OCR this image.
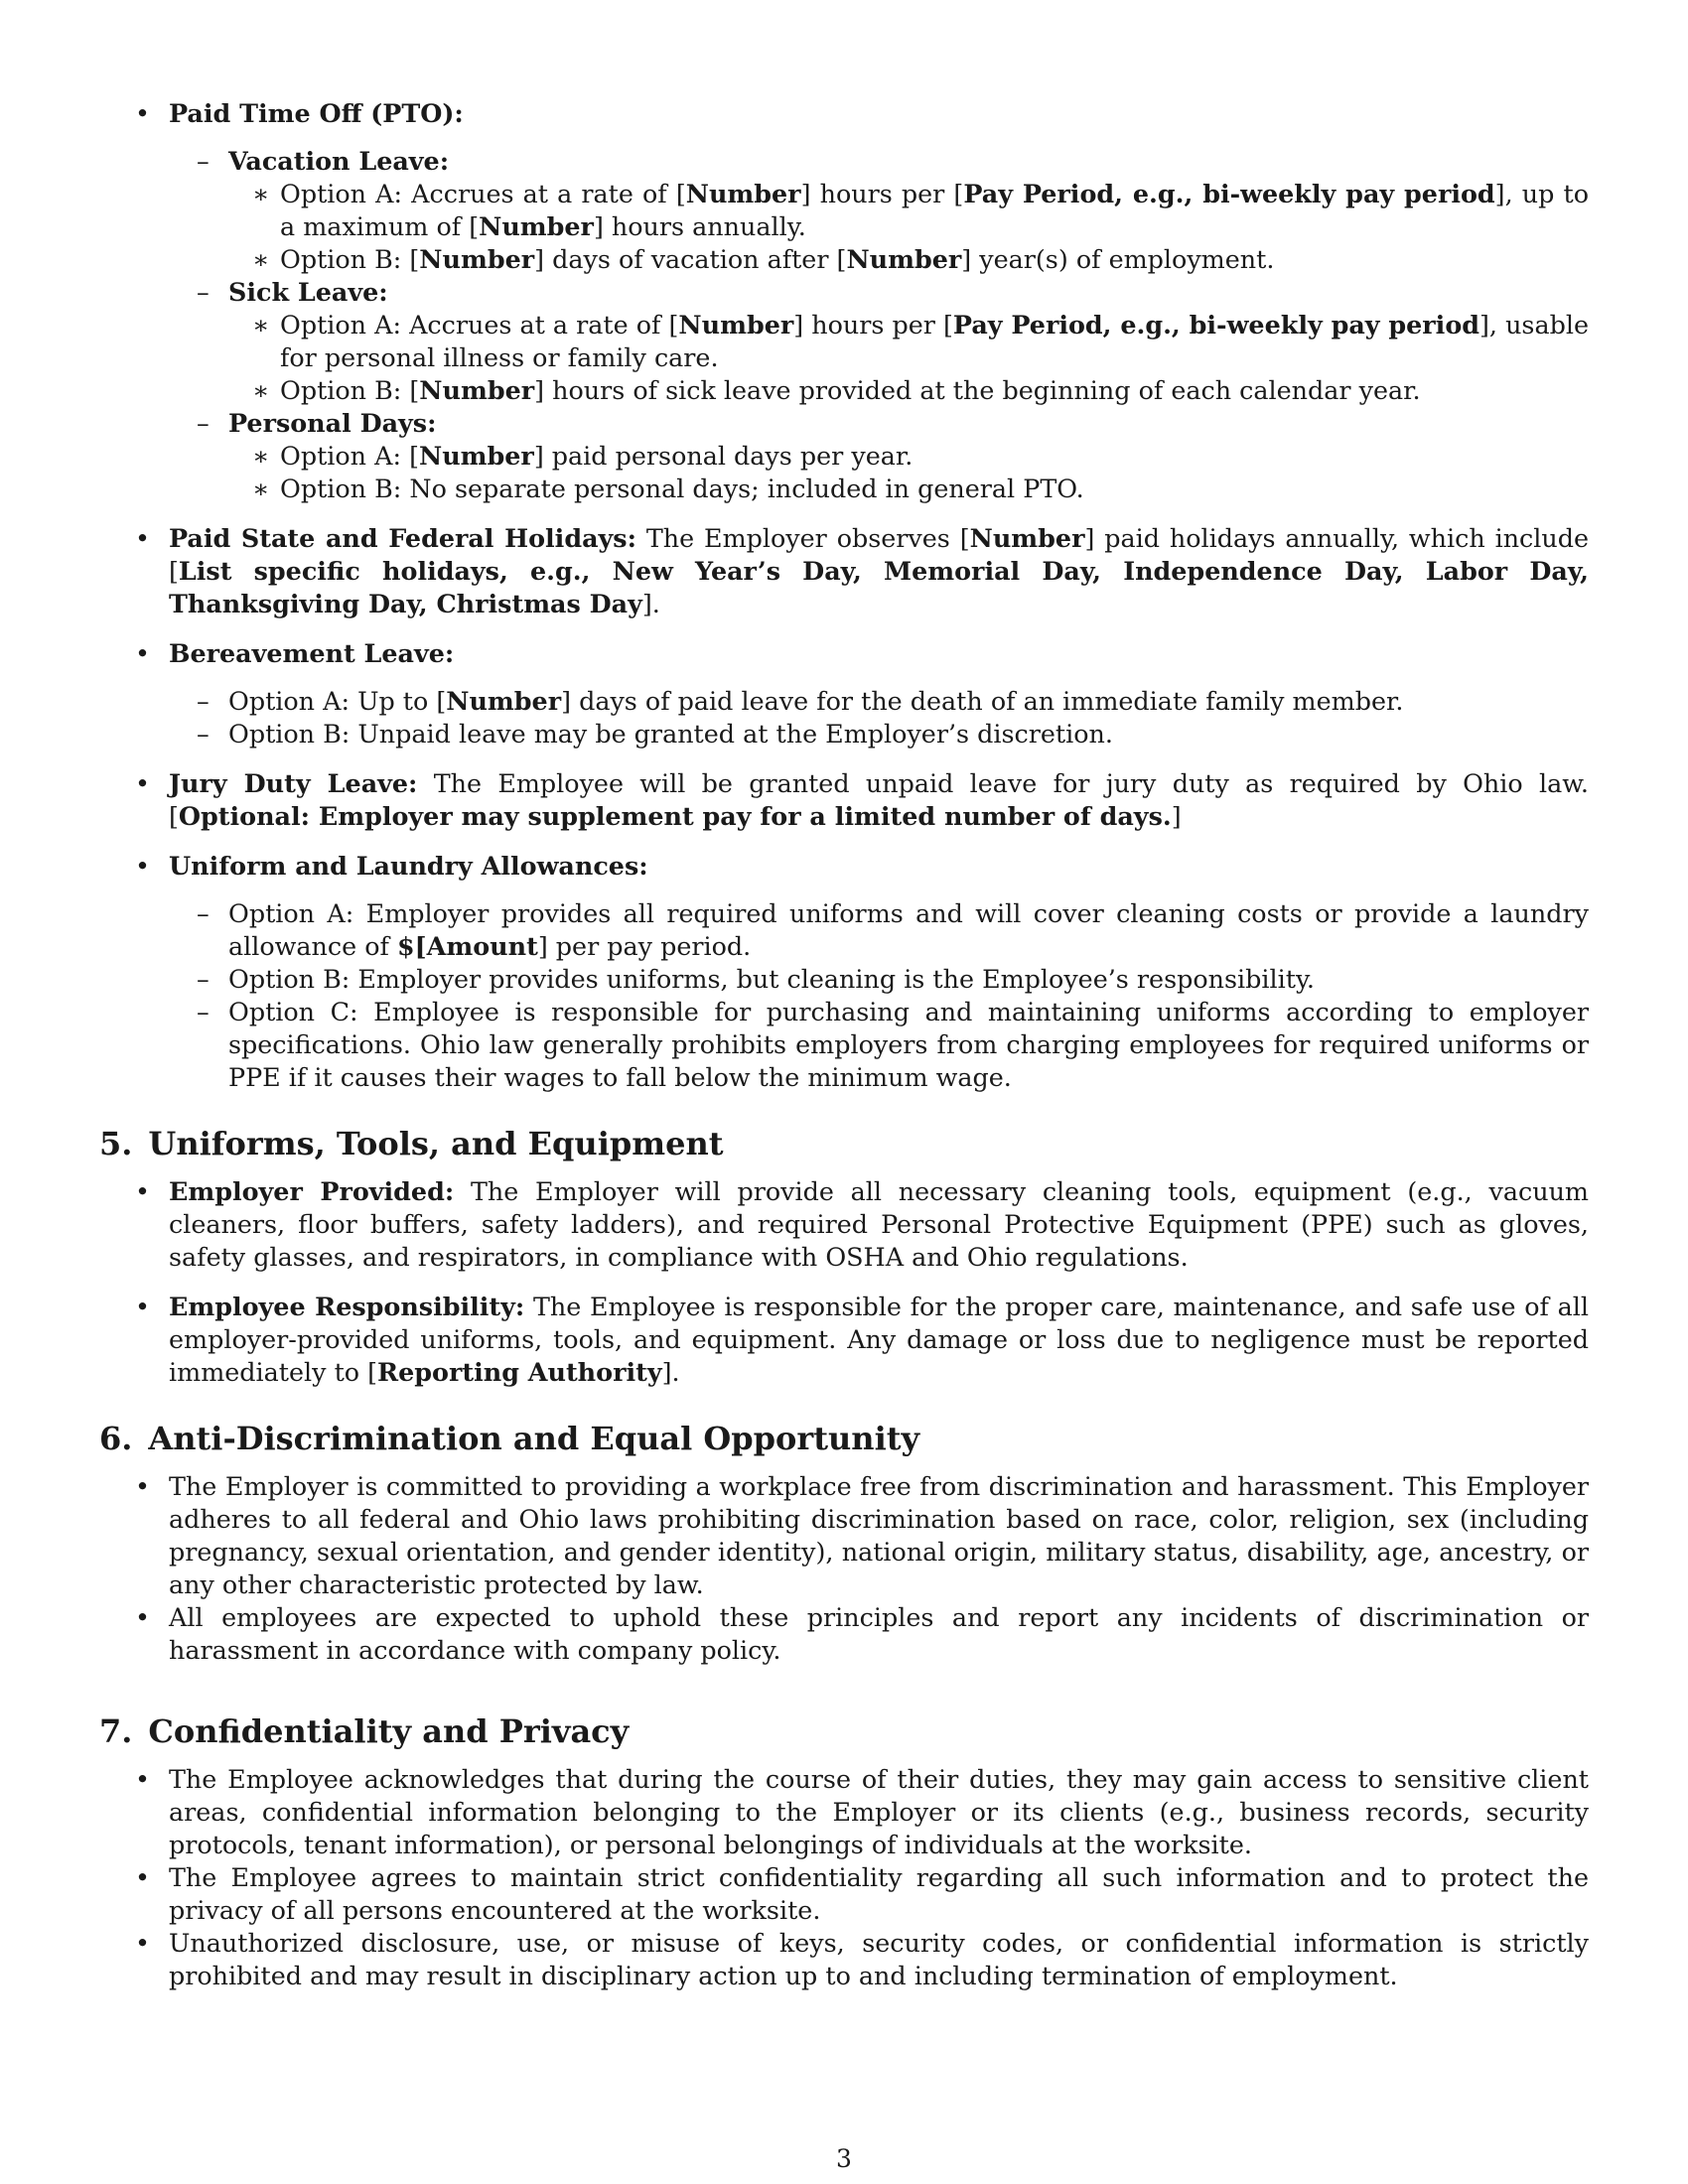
• Paid Time Off (PTO):
– Vacation Leave:
∗ Option A: Accrues at a rate of [Number] hours per [Pay Period, e.g., bi-weekly pay period], up to a maximum of [Number] hours annually.
∗ Option B: [Number] days of vacation after [Number] year(s) of employment.
– Sick Leave:
∗ Option A: Accrues at a rate of [Number] hours per [Pay Period, e.g., bi-weekly pay period], usable for personal illness or family care.
∗ Option B: [Number] hours of sick leave provided at the beginning of each calendar year.
– Personal Days:
∗ Option A: [Number] paid personal days per year.
∗ Option B: No separate personal days; included in general PTO.
• Paid State and Federal Holidays: The Employer observes [Number] paid holidays annually, which include [List specific holidays, e.g., New Year’s Day, Memorial Day, Independence Day, Labor Day, Thanksgiving Day, Christmas Day].
• Bereavement Leave:
– Option A: Up to [Number] days of paid leave for the death of an immediate family member.
– Option B: Unpaid leave may be granted at the Employer’s discretion.
• Jury Duty Leave: The Employee will be granted unpaid leave for jury duty as required by Ohio law. [Optional: Employer may supplement pay for a limited number of days.]
• Uniform and Laundry Allowances:
– Option A: Employer provides all required uniforms and will cover cleaning costs or provide a laundry allowance of $[Amount] per pay period.
– Option B: Employer provides uniforms, but cleaning is the Employee’s responsibility.
– Option C: Employee is responsible for purchasing and maintaining uniforms according to employer specifications. Ohio law generally prohibits employers from charging employees for required uniforms or PPE if it causes their wages to fall below the minimum wage.
5. Uniforms, Tools, and Equipment
• Employer Provided: The Employer will provide all necessary cleaning tools, equipment (e.g., vacuum cleaners, floor buffers, safety ladders), and required Personal Protective Equipment (PPE) such as gloves, safety glasses, and respirators, in compliance with OSHA and Ohio regulations.
• Employee Responsibility: The Employee is responsible for the proper care, maintenance, and safe use of all employer-provided uniforms, tools, and equipment. Any damage or loss due to negligence must be reported immediately to [Reporting Authority].
6. Anti-Discrimination and Equal Opportunity
• The Employer is committed to providing a workplace free from discrimination and harassment. This Employer adheres to all federal and Ohio laws prohibiting discrimination based on race, color, religion, sex (including pregnancy, sexual orientation, and gender identity), national origin, military status, disability, age, ancestry, or any other characteristic protected by law.
• All employees are expected to uphold these principles and report any incidents of discrimination or harassment in accordance with company policy.
7. Confidentiality and Privacy
• The Employee acknowledges that during the course of their duties, they may gain access to sensitive client areas, confidential information belonging to the Employer or its clients (e.g., business records, security protocols, tenant information), or personal belongings of individuals at the worksite.
• The Employee agrees to maintain strict confidentiality regarding all such information and to protect the privacy of all persons encountered at the worksite.
• Unauthorized disclosure, use, or misuse of keys, security codes, or confidential information is strictly prohibited and may result in disciplinary action up to and including termination of employment.
3
